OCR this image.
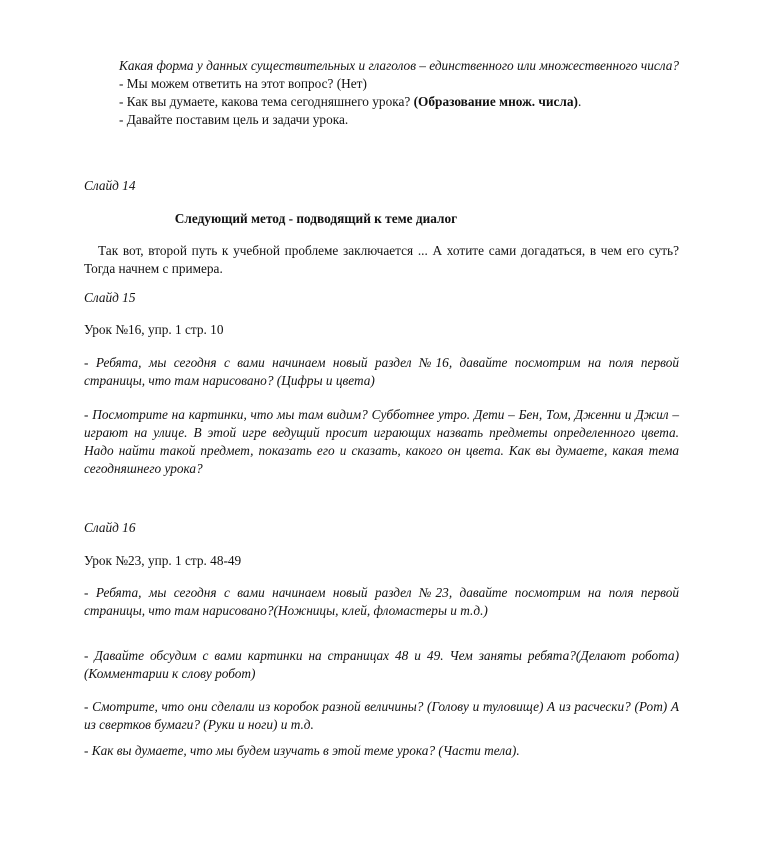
Какая форма у данных существительных и глаголов – единственного или множественного числа?

- Мы можем ответить на этот вопрос? (Нет)

- Как вы думаете, какова тема сегодняшнего урока? (Образование множ. числа).

- Давайте поставим цель и задачи урока.

Слайд 14

Следующий метод - подводящий к теме диалог

Так вот, второй путь к учебной проблеме заключается ... А хотите сами догадаться, в чем его суть? Тогда начнем с примера.

Слайд 15

Урок №16, упр. 1 стр. 10

- Ребята, мы сегодня с вами начинаем новый раздел №16, давайте посмотрим на поля первой страницы, что там нарисовано? (Цифры и цвета)

- Посмотрите на картинки, что мы там видим? Субботнее утро. Дети – Бен, Том, Дженни и Джил – играют на улице. В этой игре ведущий просит играющих назвать предметы определенного цвета. Надо найти такой предмет, показать его и сказать, какого он цвета. Как вы думаете, какая тема сегодняшнего урока?

Слайд 16

Урок №23, упр. 1 стр. 48-49

- Ребята, мы сегодня с вами начинаем новый раздел №23, давайте посмотрим на поля первой страницы, что там нарисовано?(Ножницы, клей, фломастеры и т.д.)

- Давайте обсудим с вами картинки на страницах 48 и 49. Чем заняты ребята?(Делают робота) (Комментарии к слову робот)

- Смотрите, что они сделали из коробок разной величины? (Голову и туловище) А из расчески? (Рот) А из свертков бумаги? (Руки и ноги) и т.д.

- Как вы думаете, что мы будем изучать в этой теме урока? (Части тела).
